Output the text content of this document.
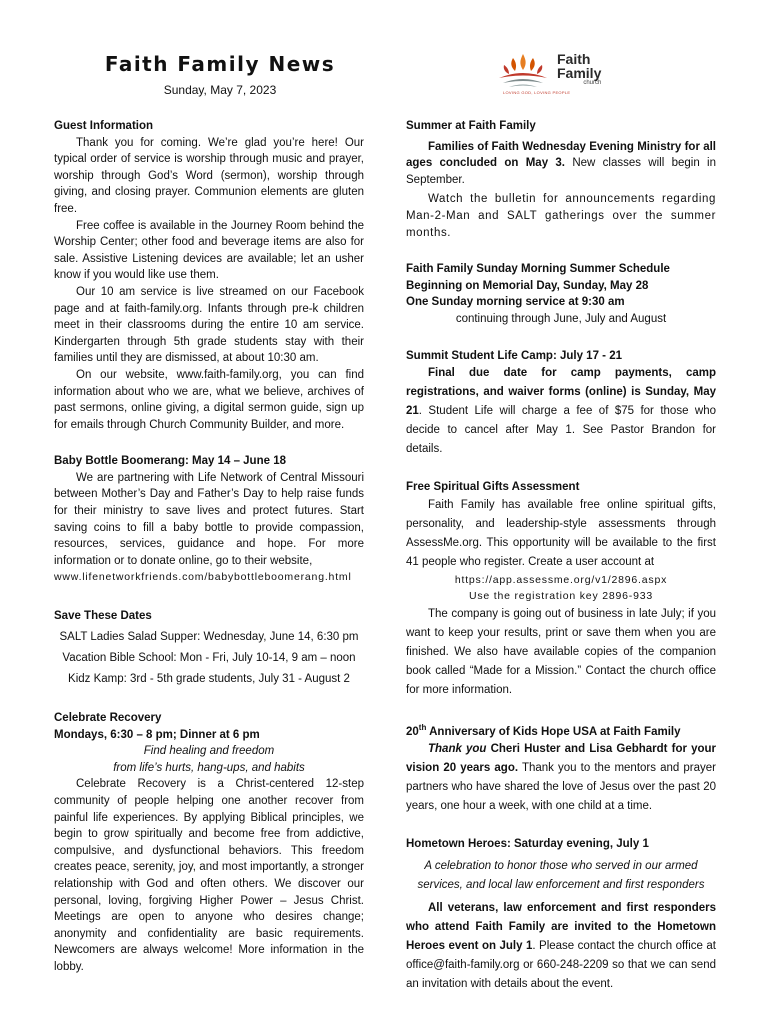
Faith Family News
Sunday, May 7, 2023
Faith
Family
church
LOVING GOD, LOVING PEOPLE

Guest Information

Thank you for coming. We’re glad you’re here! Our typical order of service is worship through music and prayer, worship through God’s Word (sermon), worship through giving, and closing prayer. Communion elements are gluten free.

Free coffee is available in the Journey Room behind the Worship Center; other food and beverage items are also for sale. Assistive Listening devices are available; let an usher know if you would like use them.

Our 10 am service is live streamed on our Facebook page and at faith-family.org. Infants through pre-k children meet in their classrooms during the entire 10 am service. Kindergarten through 5th grade students stay with their families until they are dismissed, at about 10:30 am.

On our website, www.faith-family.org, you can find information about who we are, what we believe, archives of past sermons, online giving, a digital sermon guide, sign up for emails through Church Community Builder, and more.

Baby Bottle Boomerang: May 14 – June 18

We are partnering with Life Network of Central Missouri between Mother’s Day and Father’s Day to help raise funds for their ministry to save lives and protect futures. Start saving coins to fill a baby bottle to provide compassion, resources, services, guidance and hope. For more information or to donate online, go to their website,

www.lifenetworkfriends.com/babybottleboomerang.html

Save These Dates

SALT Ladies Salad Supper: Wednesday, June 14, 6:30 pm

Vacation Bible School: Mon - Fri, July 10-14, 9 am – noon

Kidz Kamp: 3rd - 5th grade students, July 31 - August 2

Celebrate Recovery

Mondays, 6:30 – 8 pm; Dinner at 6 pm

Find healing and freedom

from life’s hurts, hang-ups, and habits

Celebrate Recovery is a Christ-centered 12-step community of people helping one another recover from painful life experiences. By applying Biblical principles, we begin to grow spiritually and become free from addictive, compulsive, and dysfunctional behaviors. This freedom creates peace, serenity, joy, and most importantly, a stronger relationship with God and often others. We discover our personal, loving, forgiving Higher Power – Jesus Christ. Meetings are open to anyone who desires change; anonymity and confidentiality are basic requirements. Newcomers are always welcome! More information in the lobby.

Summer at Faith Family

Families of Faith Wednesday Evening Ministry for all ages concluded on May 3. New classes will begin in September.

Watch the bulletin for announcements regarding Man-2-Man and SALT gatherings over the summer months.

Faith Family Sunday Morning Summer Schedule

Beginning on Memorial Day, Sunday, May 28

One Sunday morning service at 9:30 am

continuing through June, July and August

Summit Student Life Camp: July 17 - 21

Final due date for camp payments, camp registrations, and waiver forms (online) is Sunday, May 21. Student Life will charge a fee of $75 for those who decide to cancel after May 1. See Pastor Brandon for details.

Free Spiritual Gifts Assessment

Faith Family has available free online spiritual gifts, personality, and leadership-style assessments through AssessMe.org. This opportunity will be available to the first 41 people who register. Create a user account at

https://app.assessme.org/v1/2896.aspx

Use the registration key 2896-933

The company is going out of business in late July; if you want to keep your results, print or save them when you are finished. We also have available copies of the companion book called “Made for a Mission.” Contact the church office for more information.

20th Anniversary of Kids Hope USA at Faith Family

Thank you Cheri Huster and Lisa Gebhardt for your vision 20 years ago. Thank you to the mentors and prayer partners who have shared the love of Jesus over the past 20 years, one hour a week, with one child at a time.

Hometown Heroes: Saturday evening, July 1

A celebration to honor those who served in our armed services, and local law enforcement and first responders

All veterans, law enforcement and first responders who attend Faith Family are invited to the Hometown Heroes event on July 1. Please contact the church office at office@faith-family.org or 660-248-2209 so that we can send an invitation with details about the event.
